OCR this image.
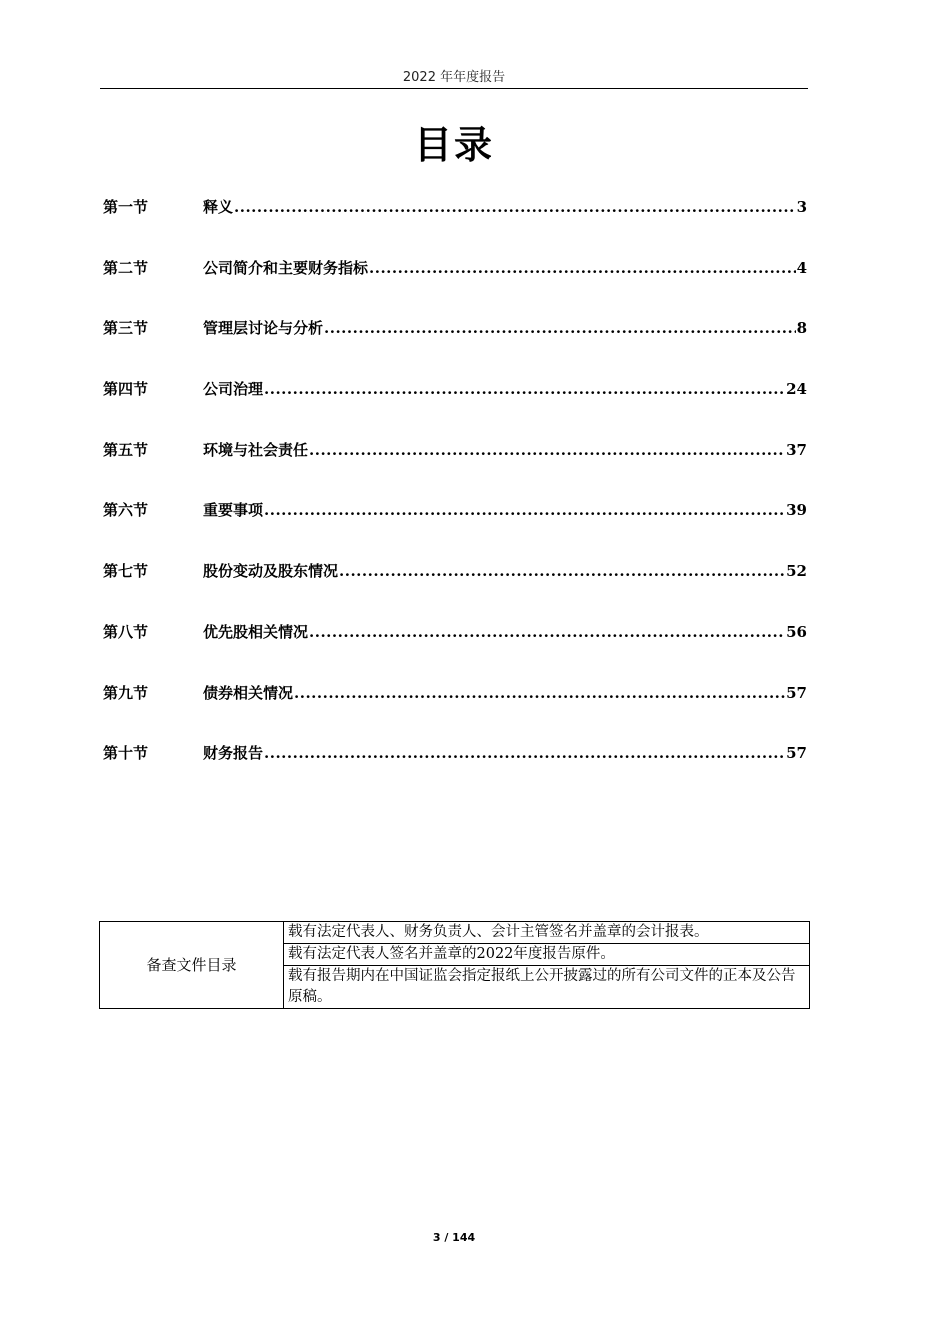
2022 年年度报告
目录
第一节	释义 .....	3
第二节	公司简介和主要财务指标 .....	4
第三节	管理层讨论与分析 .....	8
第四节	公司治理 .....	24
第五节	环境与社会责任 .....	37
第六节	重要事项 .....	39
第七节	股份变动及股东情况 .....	52
第八节	优先股相关情况 .....	56
第九节	债券相关情况 .....	57
第十节	财务报告 .....	57
备查文件目录	载有法定代表人、财务负责人、会计主管签名并盖章的会计报表。
载有法定代表人签名并盖章的2022年度报告原件。
载有报告期内在中国证监会指定报纸上公开披露过的所有公司文件的正本及公告原稿。
3 / 144
